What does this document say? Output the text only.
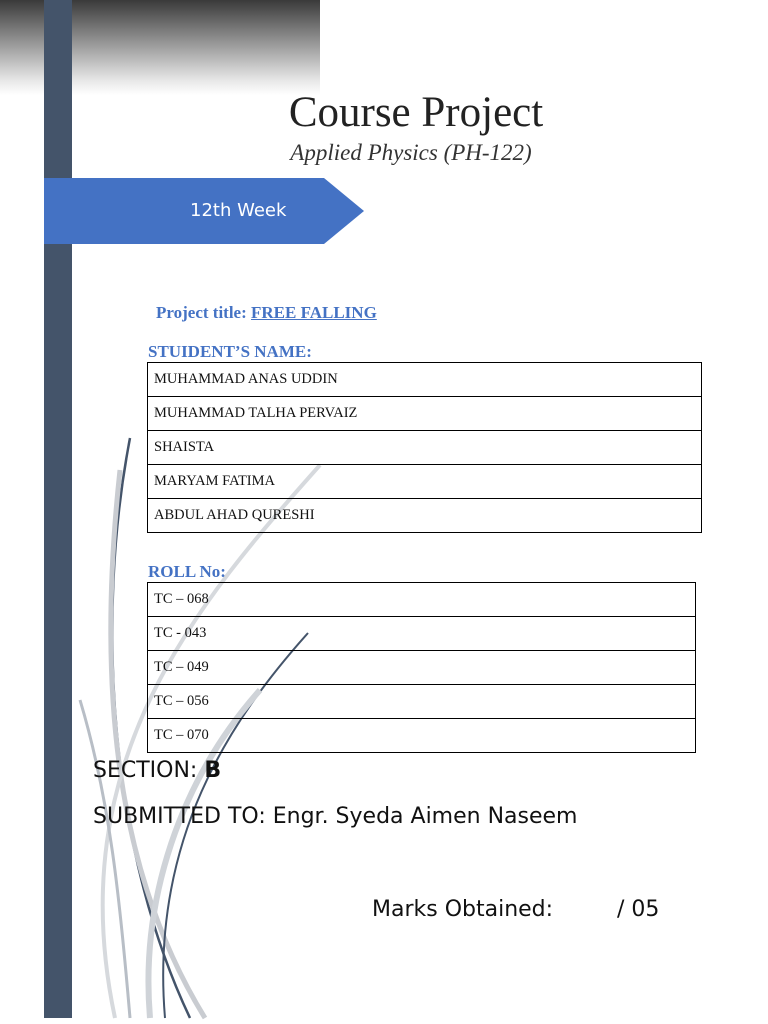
Course Project
Applied Physics (PH-122)
12th Week
Project title: FREE FALLING
STUIDENT’S NAME:
MUHAMMAD ANAS UDDIN
MUHAMMAD TALHA PERVAIZ
SHAISTA
MARYAM FATIMA
ABDUL AHAD QURESHI
ROLL No:
TC – 068
TC - 043
TC – 049
TC – 056
TC – 070
SECTION: B
SUBMITTED TO: Engr. Syeda Aimen Naseem
Marks Obtained:	/ 05
